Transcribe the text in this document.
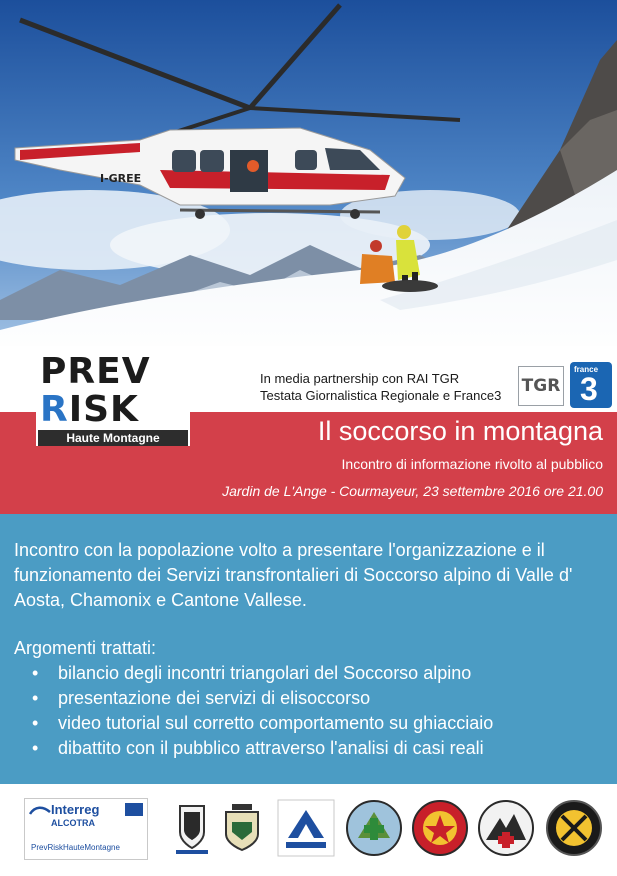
I-GREE
PREV
RISK
Haute Montagne
In media partnership con RAI TGR
Testata Giornalistica Regionale e France3	TGR
france
3
Il soccorso in montagna
Incontro di informazione rivolto al pubblico
Jardin de L'Ange - Courmayeur, 23 settembre 2016 ore 21.00
Incontro con la popolazione volto a presentare l'organizzazione e il funzionamento dei Servizi transfrontalieri di Soccorso alpino di Valle d' Aosta, Chamonix e Cantone Vallese.
Argomenti trattati:
• bilancio degli incontri triangolari del Soccorso alpino
• presentazione dei servizi di elisoccorso
• video tutorial sul corretto comportamento su ghiacciaio
• dibattito con il pubblico attraverso l'analisi di casi reali
Interreg
ALCOTRA
PrevRiskHauteMontagne
